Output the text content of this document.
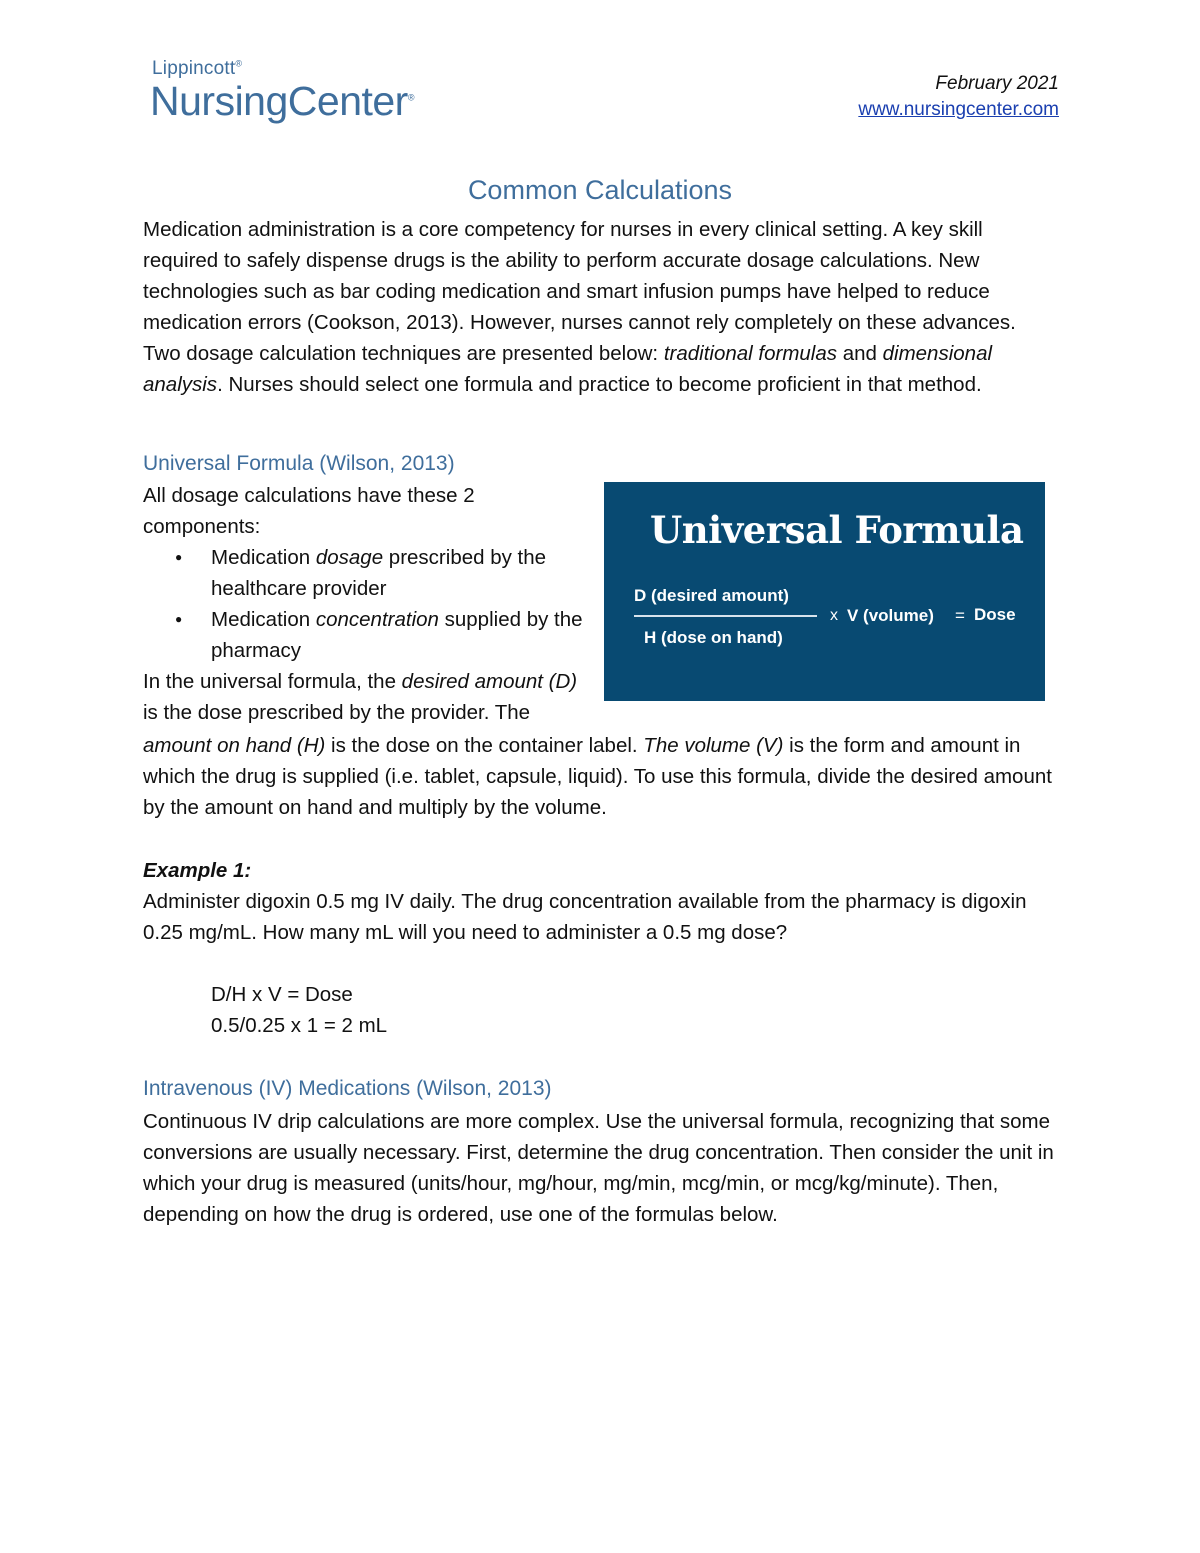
Lippincott®
NursingCenter®
February 2021
www.nursingcenter.com
Common Calculations
Medication administration is a core competency for nurses in every clinical setting. A key skill required to safely dispense drugs is the ability to perform accurate dosage calculations. New technologies such as bar coding medication and smart infusion pumps have helped to reduce medication errors (Cookson, 2013). However, nurses cannot rely completely on these advances. Two dosage calculation techniques are presented below: traditional formulas and dimensional analysis. Nurses should select one formula and practice to become proficient in that method.
Universal Formula (Wilson, 2013)
All dosage calculations have these 2 components:
● Medication dosage prescribed by the healthcare provider
● Medication concentration supplied by the pharmacy
In the universal formula, the desired amount (D) is the dose prescribed by the provider. The
amount on hand (H) is the dose on the container label. The volume (V) is the form and amount in which the drug is supplied (i.e. tablet, capsule, liquid). To use this formula, divide the desired amount by the amount on hand and multiply by the volume.
Universal Formula
D (desired amount)
H (dose on hand)
x V (volume) = Dose
Example 1:
Administer digoxin 0.5 mg IV daily. The drug concentration available from the pharmacy is digoxin 0.25 mg/mL. How many mL will you need to administer a 0.5 mg dose?
D/H x V = Dose
0.5/0.25 x 1 = 2 mL
Intravenous (IV) Medications (Wilson, 2013)
Continuous IV drip calculations are more complex. Use the universal formula, recognizing that some conversions are usually necessary. First, determine the drug concentration. Then consider the unit in which your drug is measured (units/hour, mg/hour, mg/min, mcg/min, or mcg/kg/minute). Then, depending on how the drug is ordered, use one of the formulas below.
